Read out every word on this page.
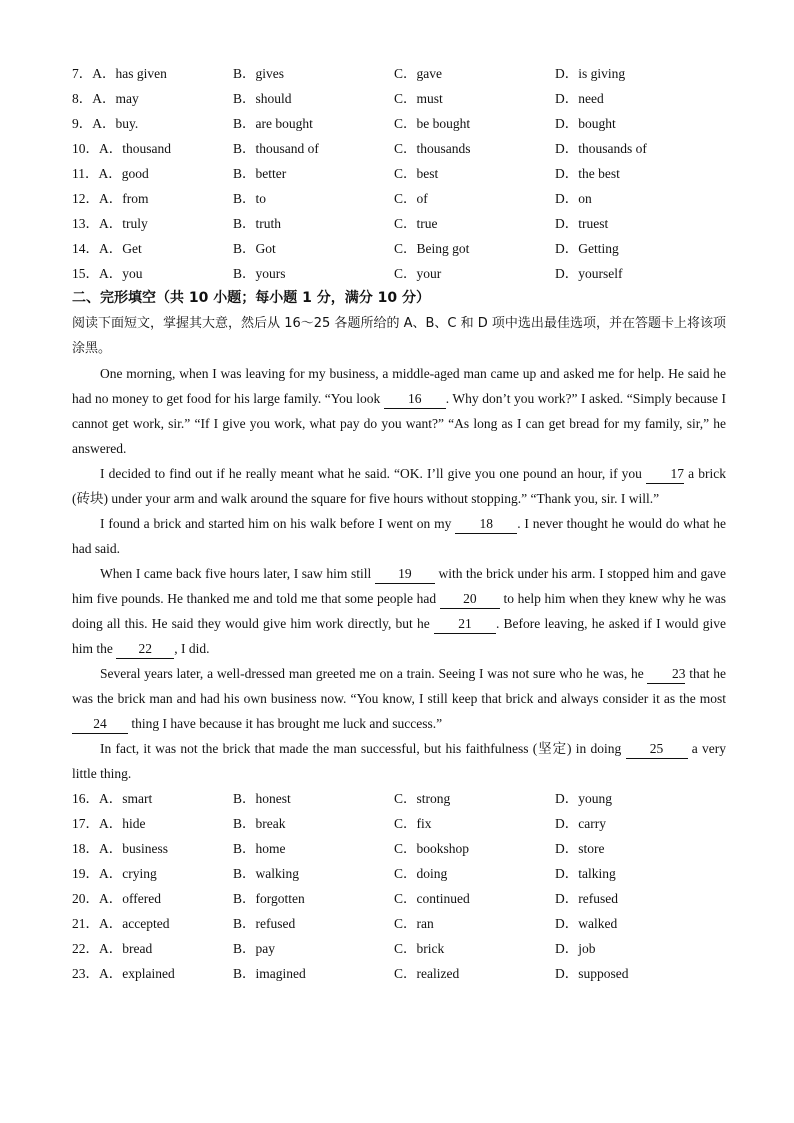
7．A．has given	B．gives	C．gave	D．is giving
8．A．may	B．should	C．must	D．need
9．A．buy.	B．are bought	C．be bought	D．bought
10．A．thousand	B．thousand of	C．thousands	D．thousands of
11．A．good	B．better	C．best	D．the best
12．A．from	B．to	C．of	D．on
13．A．truly	B．truth	C．true	D．truest
14．A．Get	B．Got	C．Being got	D．Getting
15．A．you	B．yours	C．your	D．yourself
二、完形填空（共 10 小题；每小题 1 分，满分 10 分）
阅读下面短文，掌握其大意，然后从 16～25 各题所给的 A、B、C 和 D 项中选出最佳选项，并在答题卡上将该项涂黑。

One morning, when I was leaving for my business, a middle-aged man came up and asked me for help. He said he had no money to get food for his large family. “You look 16 . Why don’t you work?” I asked. “Simply because I cannot get work, sir.” “If I give you work, what pay do you want?” “As long as I can get bread for my family, sir,” he answered.

I decided to find out if he really meant what he said. “OK. I’ll give you one pound an hour, if you 17 a brick (砖块) under your arm and walk around the square for five hours without stopping.” “Thank you, sir. I will.”

I found a brick and started him on his walk before I went on my 18 . I never thought he would do what he had said.

When I came back five hours later, I saw him still 19 with the brick under his arm. I stopped him and gave him five pounds. He thanked me and told me that some people had 20 to help him when they knew why he was doing all this. He said they would give him work directly, but he 21 . Before leaving, he asked if I would give him the 22 , I did.

Several years later, a well-dressed man greeted me on a train. Seeing I was not sure who he was, he 23 that he was the brick man and had his own business now. “You know, I still keep that brick and always consider it as the most 24 thing I have because it has brought me luck and success.”

In fact, it was not the brick that made the man successful, but his faithfulness (坚定) in doing 25 a very little thing.

16．A．smart	B．honest	C．strong	D．young
17．A．hide	B．break	C．fix	D．carry
18．A．business	B．home	C．bookshop	D．store
19．A．crying	B．walking	C．doing	D．talking
20．A．offered	B．forgotten	C．continued	D．refused
21．A．accepted	B．refused	C．ran	D．walked
22．A．bread	B．pay	C．brick	D．job
23．A．explained	B．imagined	C．realized	D．supposed
